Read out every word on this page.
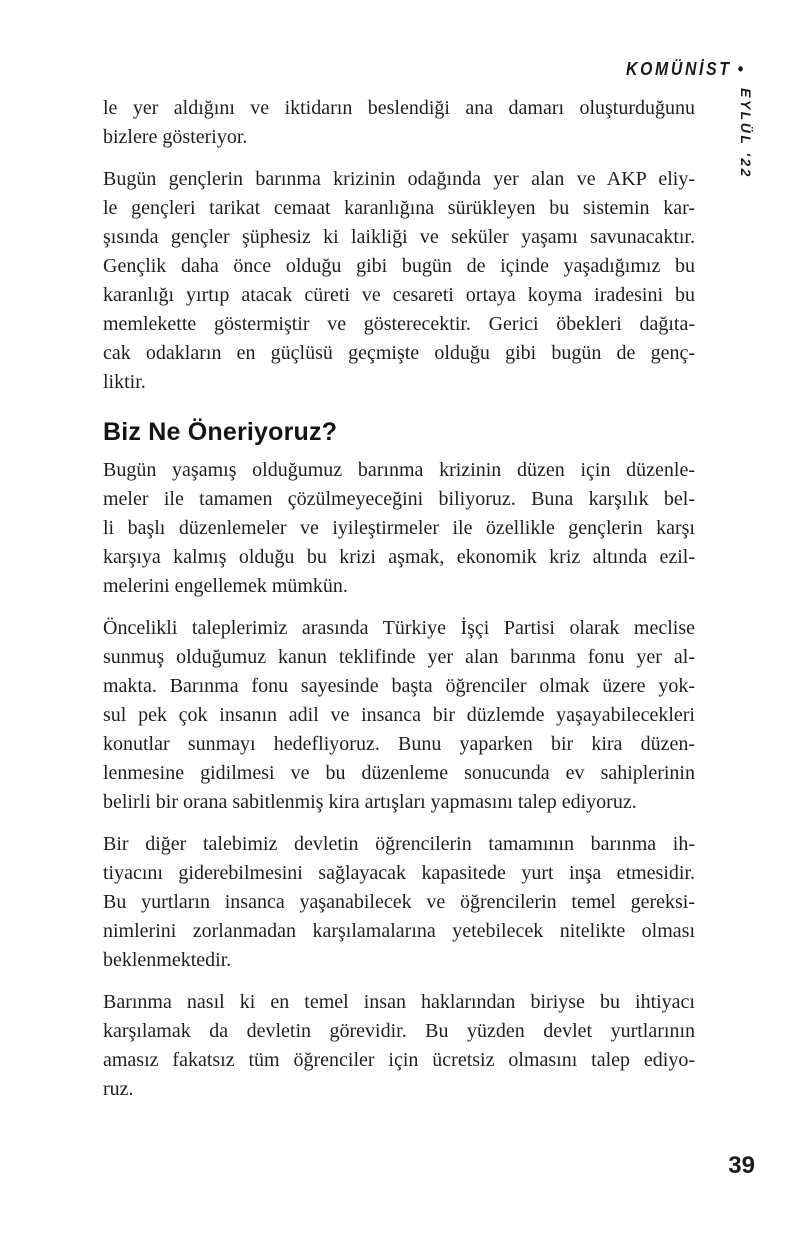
KOMÜNİST •
EYLÜL '22

le yer aldığını ve iktidarın beslendiği ana damarı oluşturduğunu
bizlere gösteriyor.

Bugün gençlerin barınma krizinin odağında yer alan ve AKP eliy-
le gençleri tarikat cemaat karanlığına sürükleyen bu sistemin kar-
şısında gençler şüphesiz ki laikliği ve seküler yaşamı savunacaktır.
Gençlik daha önce olduğu gibi bugün de içinde yaşadığımız bu
karanlığı yırtıp atacak cüreti ve cesareti ortaya koyma iradesini bu
memlekette göstermiştir ve gösterecektir. Gerici öbekleri dağıta-
cak odakların en güçlüsü geçmişte olduğu gibi bugün de genç-
liktir.

Biz Ne Öneriyoruz?

Bugün yaşamış olduğumuz barınma krizinin düzen için düzenle-
meler ile tamamen çözülmeyeceğini biliyoruz. Buna karşılık bel-
li başlı düzenlemeler ve iyileştirmeler ile özellikle gençlerin karşı
karşıya kalmış olduğu bu krizi aşmak, ekonomik kriz altında ezil-
melerini engellemek mümkün.

Öncelikli taleplerimiz arasında Türkiye İşçi Partisi olarak meclise
sunmuş olduğumuz kanun teklifinde yer alan barınma fonu yer al-
makta. Barınma fonu sayesinde başta öğrenciler olmak üzere yok-
sul pek çok insanın adil ve insanca bir düzlemde yaşayabilecekleri
konutlar sunmayı hedefliyoruz. Bunu yaparken bir kira düzen-
lenmesine gidilmesi ve bu düzenleme sonucunda ev sahiplerinin
belirli bir orana sabitlenmiş kira artışları yapmasını talep ediyoruz.

Bir diğer talebimiz devletin öğrencilerin tamamının barınma ih-
tiyacını giderebilmesini sağlayacak kapasitede yurt inşa etmesidir.
Bu yurtların insanca yaşanabilecek ve öğrencilerin temel gereksi-
nimlerini zorlanmadan karşılamalarına yetebilecek nitelikte olması
beklenmektedir.

Barınma nasıl ki en temel insan haklarından biriyse bu ihtiyacı
karşılamak da devletin görevidir. Bu yüzden devlet yurtlarının
amasız fakatsız tüm öğrenciler için ücretsiz olmasını talep ediyo-
ruz.

39
